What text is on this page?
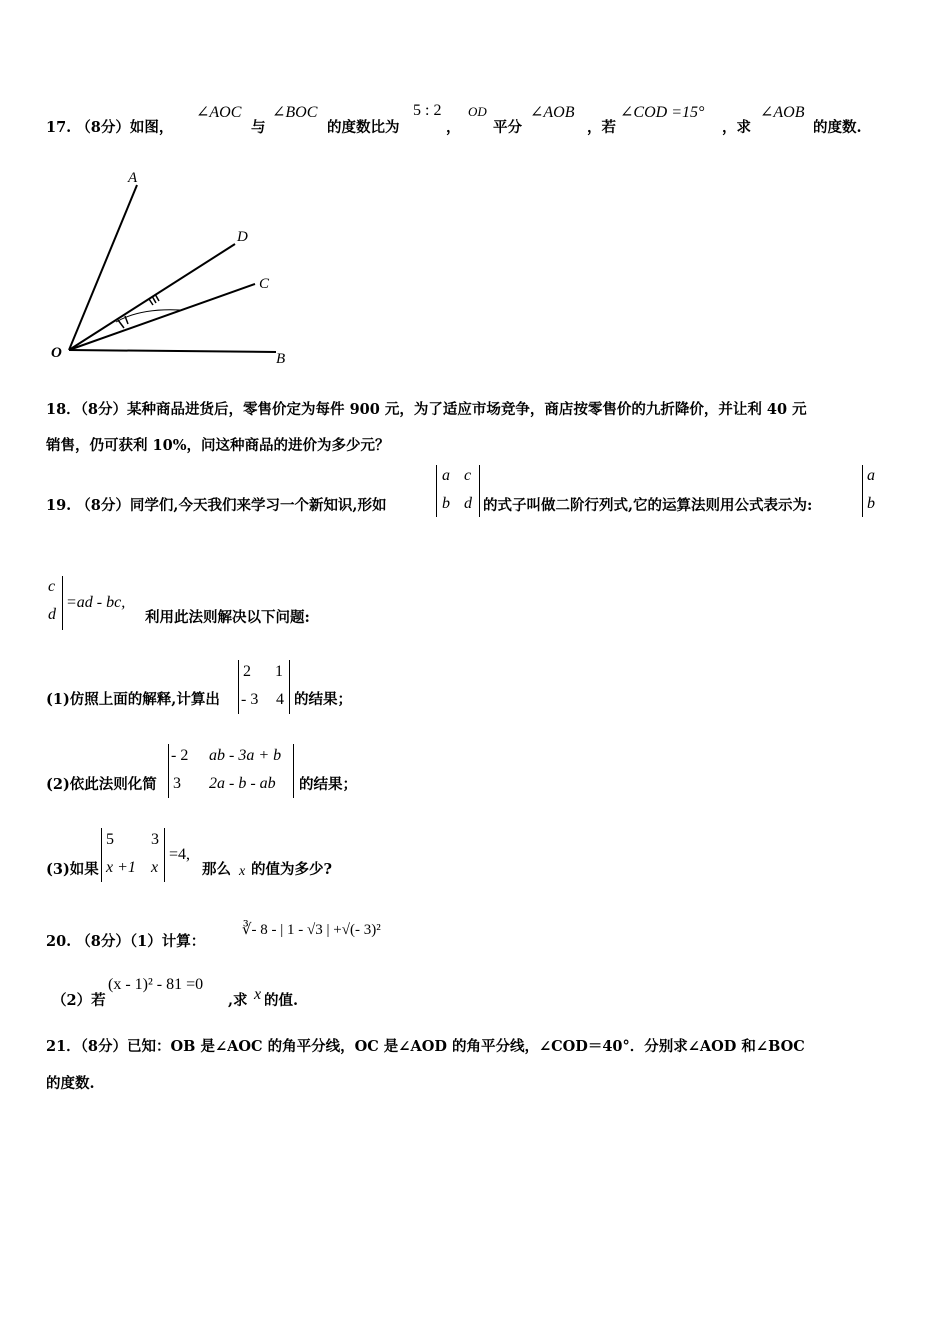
17. （8分）如图，
∠AOC
与
∠BOC
的度数比为
5 : 2
，
OD
平分
∠AOB
，若
∠COD =15°
，求
∠AOB
的度数.
A
D
C
O	B
18．（8分）某种商品进货后，零售价定为每件 900 元，为了适应市场竞争，商店按零售价的九折降价，并让利 40 元
销售，仍可获利 10%，问这种商品的进价为多少元？
19. （8分）同学们,今天我们来学习一个新知识,形如
a c
b d 的式子叫做二阶行列式,它的运算法则用公式表示为:
a
b
c
d
=ad - bc,
利用此法则解决以下问题:
(1)仿照上面的解释,计算出
2 1
- 3 4 的结果；
(2)依此法则化简
- 2 ab - 3a + b
3 2a - b - ab 的结果；
(3)如果
5 3
x +1 x
=4,
那么 x 的值为多少?
20. （8分）（1）计算：
∛- 8 - | 1 - √3 | +√(- 3)²
（2）若
(x - 1)² - 81 =0
,求 x 的值.
21．（8分）已知：OB 是∠AOC 的角平分线，OC 是∠AOD 的角平分线，∠COD＝40°．分别求∠AOD 和∠BOC
的度数.
